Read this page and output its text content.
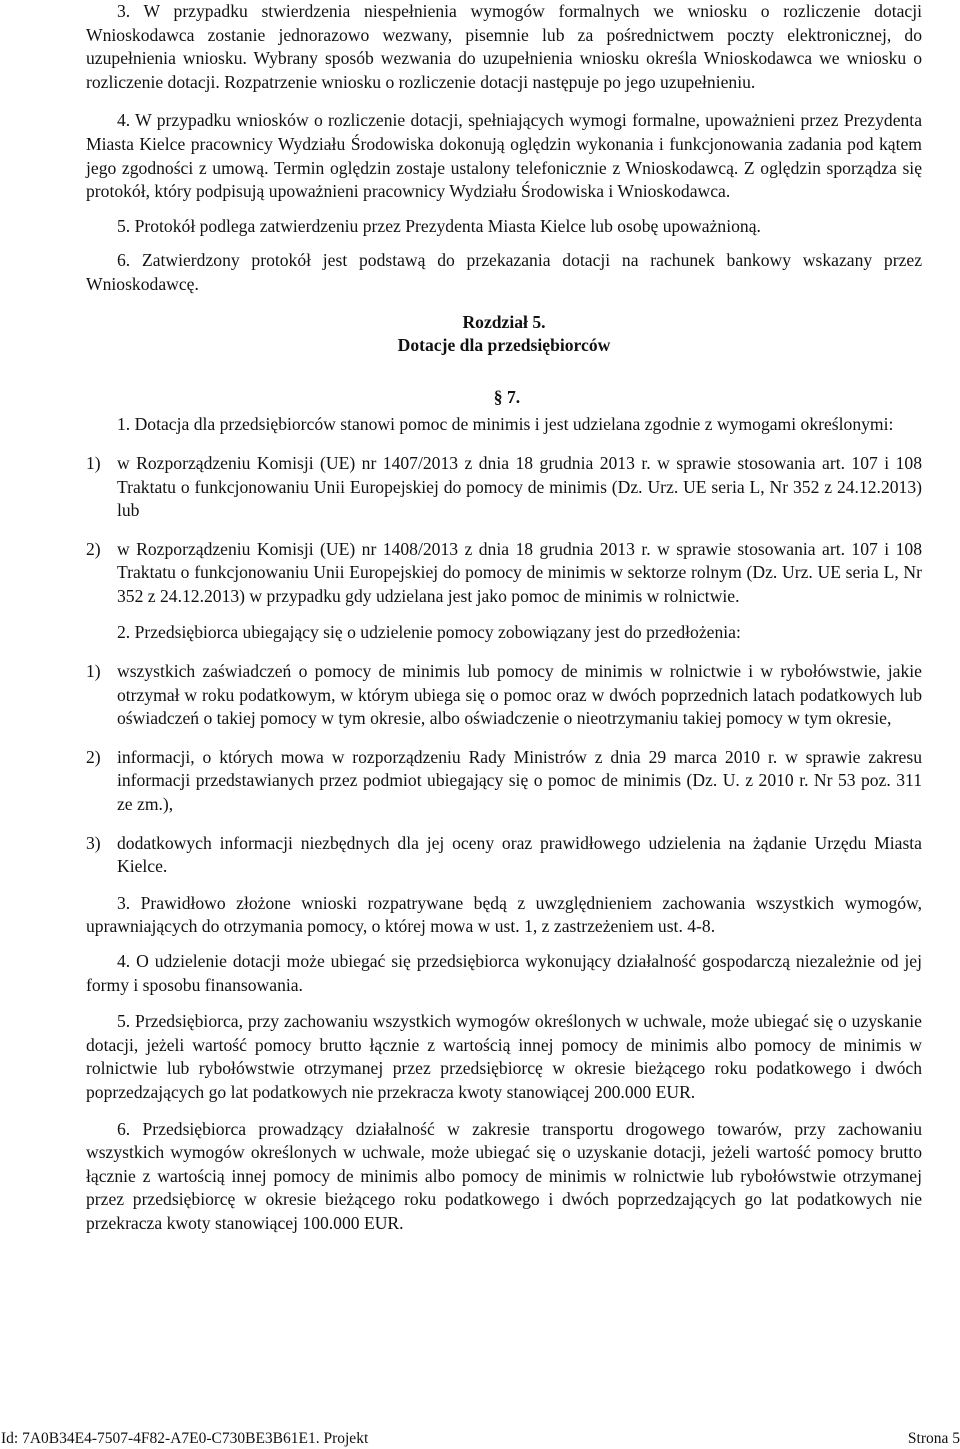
3. W przypadku stwierdzenia niespełnienia wymogów formalnych we wniosku o rozliczenie dotacji Wnioskodawca zostanie jednorazowo wezwany, pisemnie lub za pośrednictwem poczty elektronicznej, do uzupełnienia wniosku. Wybrany sposób wezwania do uzupełnienia wniosku określa Wnioskodawca we wniosku o rozliczenie dotacji. Rozpatrzenie wniosku o rozliczenie dotacji następuje po jego uzupełnieniu.

4. W przypadku wniosków o rozliczenie dotacji, spełniających wymogi formalne, upoważnieni przez Prezydenta Miasta Kielce pracownicy Wydziału Środowiska dokonują oględzin wykonania i funkcjonowania zadania pod kątem jego zgodności z umową. Termin oględzin zostaje ustalony telefonicznie z Wnioskodawcą. Z oględzin sporządza się protokół, który podpisują upoważnieni pracownicy Wydziału Środowiska i Wnioskodawca.

5. Protokół podlega zatwierdzeniu przez Prezydenta Miasta Kielce lub osobę upoważnioną.

6. Zatwierdzony protokół jest podstawą do przekazania dotacji na rachunek bankowy wskazany przez Wnioskodawcę.

Rozdział 5.
Dotacje dla przedsiębiorców
§ 7.

1. Dotacja dla przedsiębiorców stanowi pomoc de minimis i jest udzielana zgodnie z wymogami określonymi:

1) w Rozporządzeniu Komisji (UE) nr 1407/2013 z dnia 18 grudnia 2013 r. w sprawie stosowania art. 107 i 108 Traktatu o funkcjonowaniu Unii Europejskiej do pomocy de minimis (Dz. Urz. UE seria L, Nr 352 z 24.12.2013) lub
2) w Rozporządzeniu Komisji (UE) nr 1408/2013 z dnia 18 grudnia 2013 r. w sprawie stosowania art. 107 i 108 Traktatu o funkcjonowaniu Unii Europejskiej do pomocy de minimis w sektorze rolnym (Dz. Urz. UE seria L, Nr 352 z 24.12.2013) w przypadku gdy udzielana jest jako pomoc de minimis w rolnictwie.

2. Przedsiębiorca ubiegający się o udzielenie pomocy zobowiązany jest do przedłożenia:

1) wszystkich zaświadczeń o pomocy de minimis lub pomocy de minimis w rolnictwie i w rybołówstwie, jakie otrzymał w roku podatkowym, w którym ubiega się o pomoc oraz w dwóch poprzednich latach podatkowych lub oświadczeń o takiej pomocy w tym okresie, albo oświadczenie o nieotrzymaniu takiej pomocy w tym okresie,
2) informacji, o których mowa w rozporządzeniu Rady Ministrów z dnia 29 marca 2010 r. w sprawie zakresu informacji przedstawianych przez podmiot ubiegający się o pomoc de minimis (Dz. U. z 2010 r. Nr 53 poz. 311 ze zm.),
3) dodatkowych informacji niezbędnych dla jej oceny oraz prawidłowego udzielenia na żądanie Urzędu Miasta Kielce.

3. Prawidłowo złożone wnioski rozpatrywane będą z uwzględnieniem zachowania wszystkich wymogów, uprawniających do otrzymania pomocy, o której mowa w ust. 1, z zastrzeżeniem ust. 4-8.

4. O udzielenie dotacji może ubiegać się przedsiębiorca wykonujący działalność gospodarczą niezależnie od jej formy i sposobu finansowania.

5. Przedsiębiorca, przy zachowaniu wszystkich wymogów określonych w uchwale, może ubiegać się o uzyskanie dotacji, jeżeli wartość pomocy brutto łącznie z wartością innej pomocy de minimis albo pomocy de minimis w rolnictwie lub rybołówstwie otrzymanej przez przedsiębiorcę w okresie bieżącego roku podatkowego i dwóch poprzedzających go lat podatkowych nie przekracza kwoty stanowiącej 200.000 EUR.

6. Przedsiębiorca prowadzący działalność w zakresie transportu drogowego towarów, przy zachowaniu wszystkich wymogów określonych w uchwale, może ubiegać się o uzyskanie dotacji, jeżeli wartość pomocy brutto łącznie z wartością innej pomocy de minimis albo pomocy de minimis w rolnictwie lub rybołówstwie otrzymanej przez przedsiębiorcę w okresie bieżącego roku podatkowego i dwóch poprzedzających go lat podatkowych nie przekracza kwoty stanowiącej 100.000 EUR.

Id: 7A0B34E4-7507-4F82-A7E0-C730BE3B61E1. Projekt	Strona 5
